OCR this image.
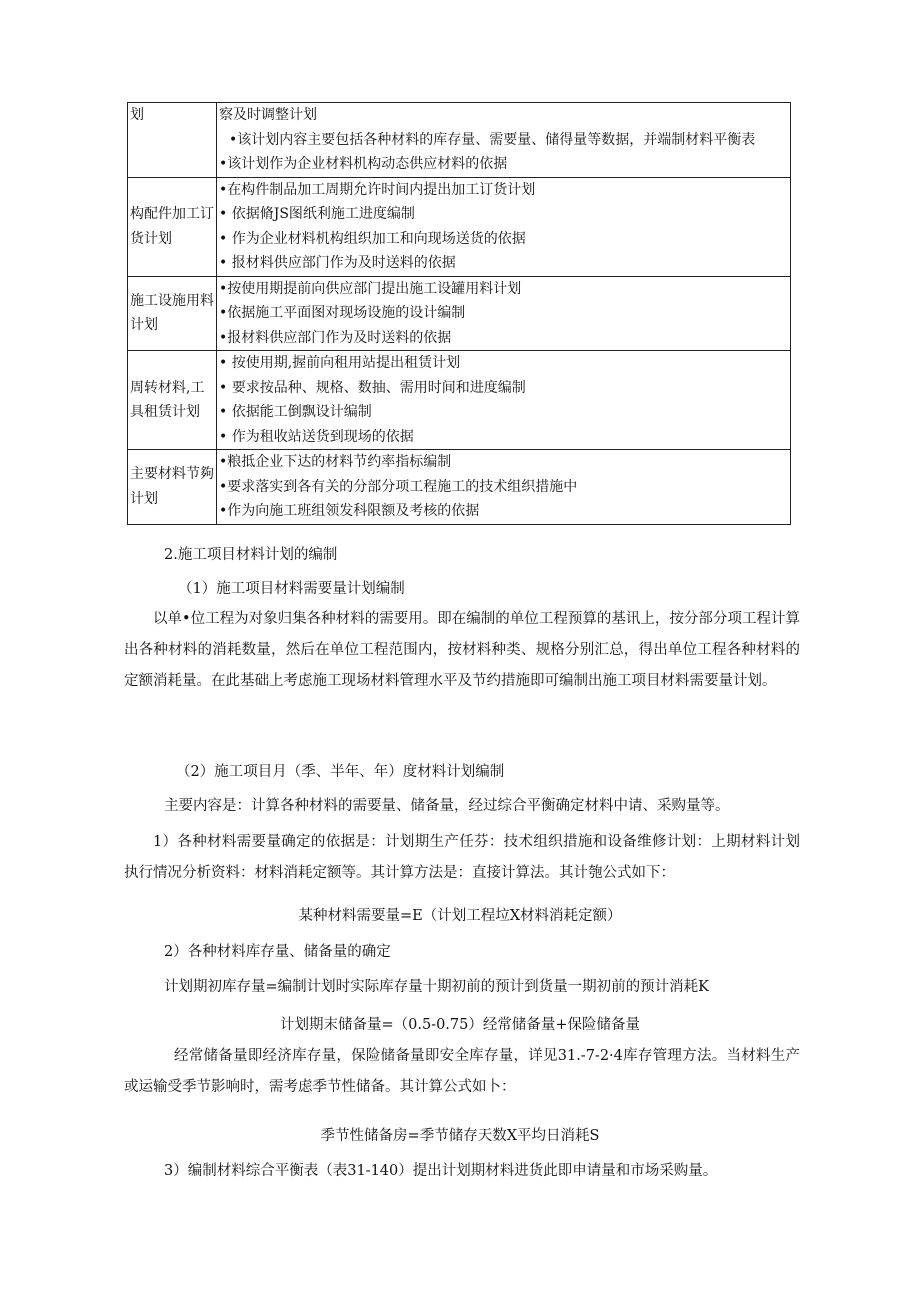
划	察及时调整计划
•该计划内容主要包括各种材料的库存量、需要量、储得量等数据，并端制材料平衡表
•该计划作为企业材料机构动态供应材料的依据

构配件加工订货计划	•在构件制品加工周期允许时间内提出加工订货计划
• 依据脩JS图纸利施工进度编制
• 作为企业材料机构组织加工和向现场送货的依据
• 报材料供应部门作为及时送料的依据

施工设施用料计划	•按使用期提前向供应部门提出施工设罐用料计划
•依据施工平面图对现场设施的设计编制
•报材料供应部门作为及时送料的依据

周转材料,工具租赁计划	• 按使用期,握前向租用站提出租赁计划
• 要求按品种、规格、数抽、需用时间和进度编制
• 依据能工倒飘设计编制
• 作为租收站送货到现场的依据

主要材料节夠计划	•粮抵企业下达的材料节约率指标编制
•要求落实到各有关的分部分项工程施工的技术组织措施中
•作为向施工班组领发科限额及考核的依据
2.施工项目材料计划的编制
（1）施工项目材料需要量计划编制
以单•位工程为对象归集各种材料的需要用。即在编制的单位工程预算的基讯上，按分部分项工程计算出各种材料的消耗数量，然后在单位工程范围内，按材料种类、规格分别汇总，得出单位工程各种材料的定额消耗量。在此基础上考虑施工现场材料管理水平及节约措施即可编制出施工项目材料需要量计划。
（2）施工项目月（季、半年、年）度材料计划编制
主要内容是：计算各种材料的需要量、储备量，经过综合平衡确定材料中请、采购量等。
1）各种材料需要量确定的依据是：计划期生产任芬：技术组织措施和设备维修计划：上期材料计划执行情况分析资料：材料消耗定额等。其计算方法是：直接计算法。其计匏公式如下：
某种材料需要量=E（计划工程垃X材料消耗定额）
2）各种材料库存量、储备量的确定
计划期初库存量=编制计划时实际库存量十期初前的预计到货量一期初前的预计消耗K
计划期末储备量=（0.5-0.75）经常储备量+保险储备量
经常储备量即经济库存量，保险储备量即安全库存量，详见31.-7-2·4库存管理方法。当材料生产或运输受季节影响时，需考虑季节性储备。其计算公式如卜：
季节性储备房=季节储存天数X平均日消耗S
3）编制材料综合平衡表（表31-140）提出计划期材料进货此即申请量和市场采购量。
